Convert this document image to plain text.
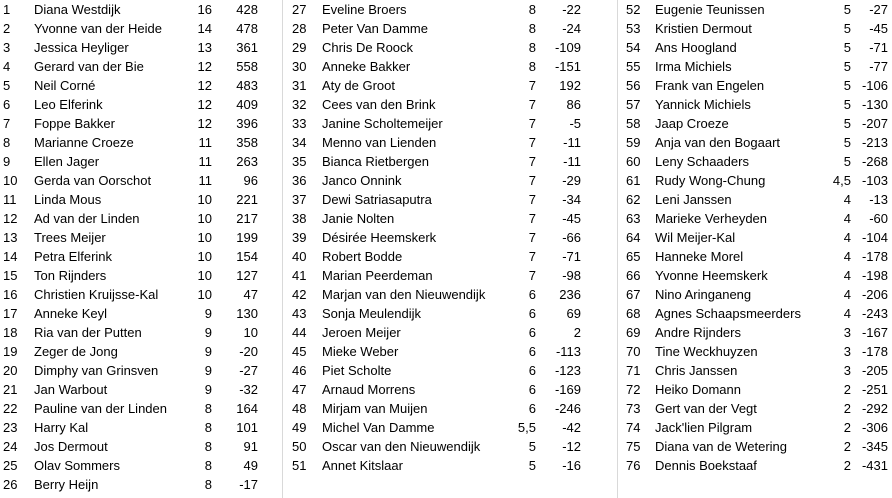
1 Diana Westdijk	16 428
2 Yvonne van der Heide	14 478
3 Jessica Heyliger	13 361
4 Gerard van der Bie	12 558
5 Neil Corné	12 483
6 Leo Elferink	12 409
7 Foppe Bakker	12 396
8 Marianne Croeze	11 358
9 Ellen Jager	11 263
10 Gerda van Oorschot	11 96
11 Linda Mous	10 221
12 Ad van der Linden	10 217
13 Trees Meijer	10 199
14 Petra Elferink	10 154
15 Ton Rijnders	10 127
16 Christien Kruijsse-Kal	10 47
17 Anneke Keyl	9 130
18 Ria van der Putten	9 10
19 Zeger de Jong	9 -20
20 Dimphy van Grinsven	9 -27
21 Jan Warbout	9 -32
22 Pauline van der Linden	8 164
23 Harry Kal	8 101
24 Jos Dermout	8 91
25 Olav Sommers	8 49
26 Berry Heijn	8 -17
27 Eveline Broers	8 -22
28 Peter Van Damme	8 -24
29 Chris De Roock	8 -109
30 Anneke Bakker	8 -151
31 Aty de Groot	7 192
32 Cees van den Brink	7 86
33 Janine Scholtemeijer	7	-5
34 Menno van Lienden	7 -11
35 Bianca Rietbergen	7 -11
36 Janco Onnink	7 -29
37 Dewi Satriasaputra	7 -34
38 Janie Nolten	7 -45
39 Désirée Heemskerk	7 -66
40 Robert Bodde	7 -71
41 Marian Peerdeman	7 -98
42 Marjan van den Nieuwendijk	6 236
43 Sonja Meulendijk	6 69
44 Jeroen Meijer	6	2
45 Mieke Weber	6 -113
46 Piet Scholte	6 -123
47 Arnaud Morrens	6 -169
48 Mirjam van Muijen	6 -246
49 Michel Van Damme	5,5 -42
50 Oscar van den Nieuwendijk	5 -12
51 Annet Kitslaar	5 -16
52 Eugenie Teunissen	5 -27
53 Kristien Dermout	5 -45
54 Ans Hoogland	5 -71
55 Irma Michiels	5 -77
56 Frank van Engelen	5 -106
57 Yannick Michiels	5 -130
58 Jaap Croeze	5 -207
59 Anja van den Bogaart	5 -213
60 Leny Schaaders	5 -268
61 Rudy Wong-Chung	4,5 -103
62 Leni Janssen	4 -13
63 Marieke Verheyden	4 -60
64 Wil Meijer-Kal	4 -104
65 Hanneke Morel	4 -178
66 Yvonne Heemskerk	4 -198
67 Nino Aringaneng	4 -206
68 Agnes Schaapsmeerders	4 -243
69 Andre Rijnders	3 -167
70 Tine Weckhuyzen	3 -178
71 Chris Janssen	3 -205
72 Heiko Domann	2 -251
73 Gert van der Vegt	2 -292
74 Jack'lien Pilgram	2 -306
75 Diana van de Wetering	2 -345
76 Dennis Boekstaaf	2 -431
